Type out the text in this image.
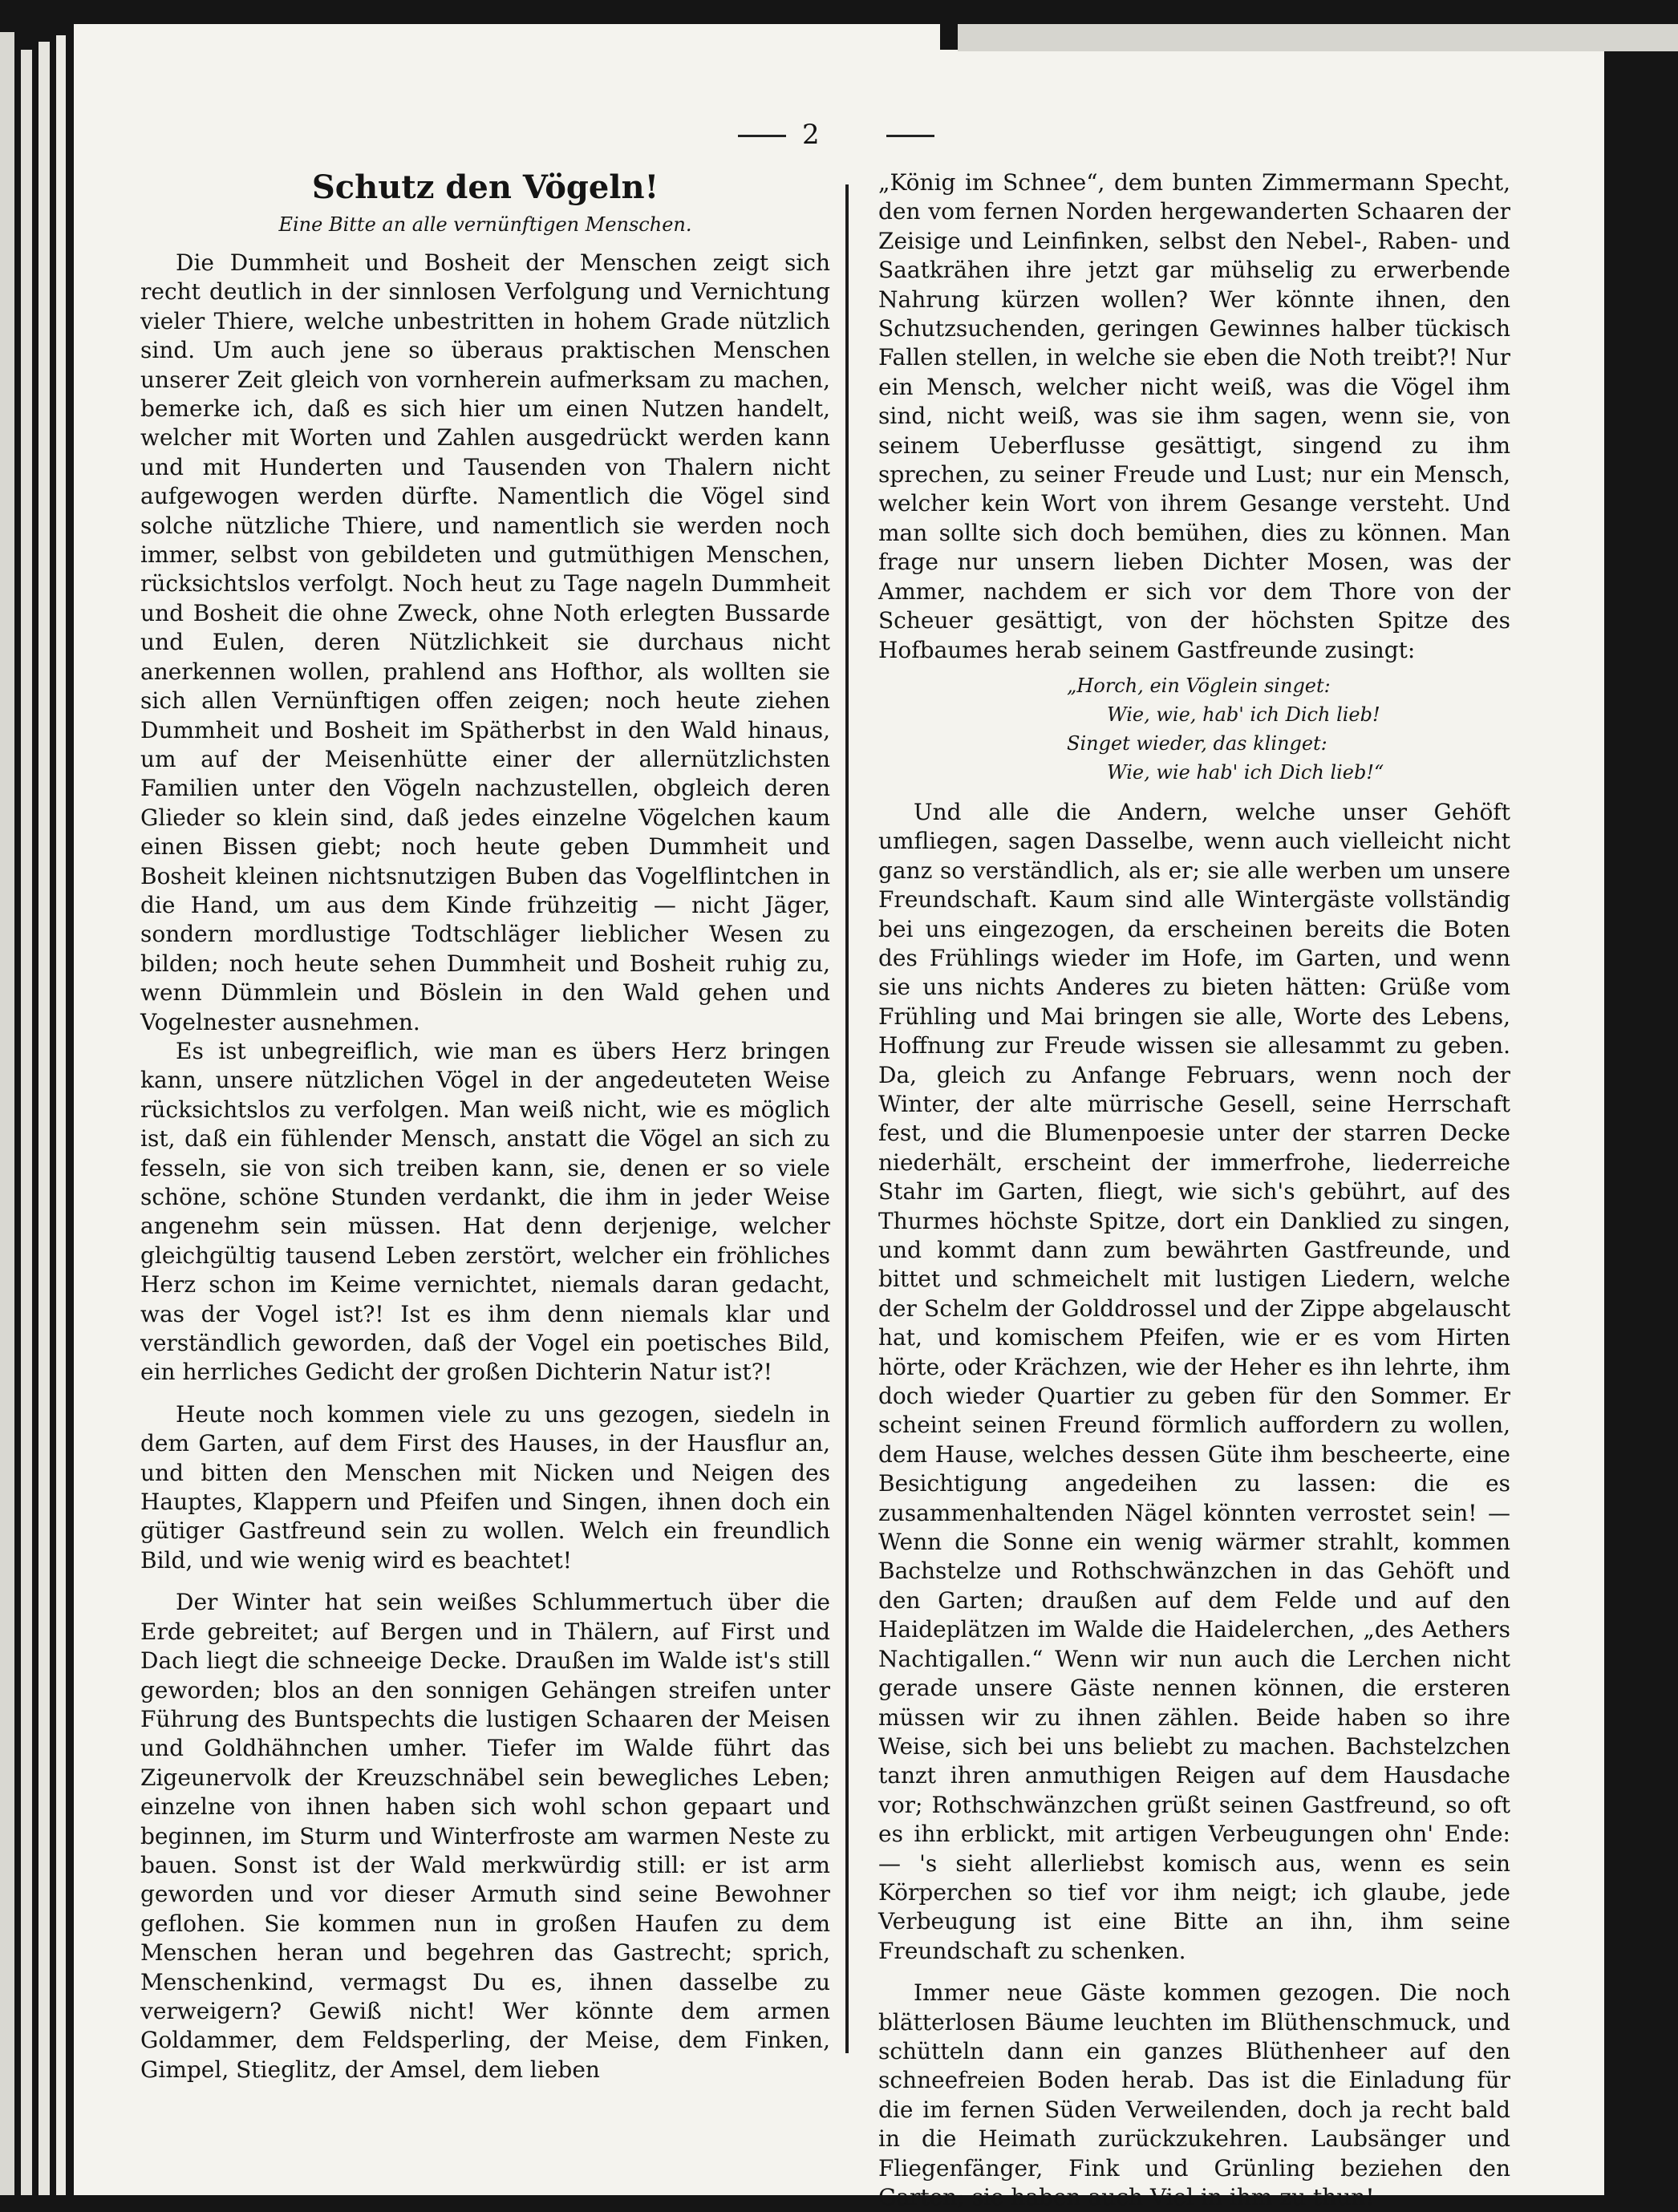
2
Schutz den Vögeln!
Eine Bitte an alle vernünftigen Menschen.

Die Dummheit und Bosheit der Menschen zeigt sich recht deutlich in der sinnlosen Verfolgung und Vernichtung vieler Thiere, welche unbestritten in hohem Grade nützlich sind. Um auch jene so überaus praktischen Menschen unserer Zeit gleich von vornherein aufmerksam zu machen, bemerke ich, daß es sich hier um einen Nutzen handelt, welcher mit Worten und Zahlen ausgedrückt werden kann und mit Hunderten und Tausenden von Thalern nicht aufgewogen werden dürfte. Namentlich die Vögel sind solche nützliche Thiere, und namentlich sie werden noch immer, selbst von gebildeten und gutmüthigen Menschen, rücksichtslos verfolgt. Noch heut zu Tage nageln Dummheit und Bosheit die ohne Zweck, ohne Noth erlegten Bussarde und Eulen, deren Nützlichkeit sie durchaus nicht anerkennen wollen, prahlend ans Hofthor, als wollten sie sich allen Vernünftigen offen zeigen; noch heute ziehen Dummheit und Bosheit im Spätherbst in den Wald hinaus, um auf der Meisenhütte einer der allernützlichsten Familien unter den Vögeln nachzustellen, obgleich deren Glieder so klein sind, daß jedes einzelne Vögelchen kaum einen Bissen giebt; noch heute geben Dummheit und Bosheit kleinen nichtsnutzigen Buben das Vogelflintchen in die Hand, um aus dem Kinde frühzeitig — nicht Jäger, sondern mordlustige Todtschläger lieblicher Wesen zu bilden; noch heute sehen Dummheit und Bosheit ruhig zu, wenn Dümmlein und Böslein in den Wald gehen und Vogelnester ausnehmen.

Es ist unbegreiflich, wie man es übers Herz bringen kann, unsere nützlichen Vögel in der angedeuteten Weise rücksichtslos zu verfolgen. Man weiß nicht, wie es möglich ist, daß ein fühlender Mensch, anstatt die Vögel an sich zu fesseln, sie von sich treiben kann, sie, denen er so viele schöne, schöne Stunden verdankt, die ihm in jeder Weise angenehm sein müssen. Hat denn derjenige, welcher gleichgültig tausend Leben zerstört, welcher ein fröhliches Herz schon im Keime vernichtet, niemals daran gedacht, was der Vogel ist?! Ist es ihm denn niemals klar und verständlich geworden, daß der Vogel ein poetisches Bild, ein herrliches Gedicht der großen Dichterin Natur ist?!

Heute noch kommen viele zu uns gezogen, siedeln in dem Garten, auf dem First des Hauses, in der Hausflur an, und bitten den Menschen mit Nicken und Neigen des Hauptes, Klappern und Pfeifen und Singen, ihnen doch ein gütiger Gastfreund sein zu wollen. Welch ein freundlich Bild, und wie wenig wird es beachtet!

Der Winter hat sein weißes Schlummertuch über die Erde gebreitet; auf Bergen und in Thälern, auf First und Dach liegt die schneeige Decke. Draußen im Walde ist's still geworden; blos an den sonnigen Gehängen streifen unter Führung des Buntspechts die lustigen Schaaren der Meisen und Goldhähnchen umher. Tiefer im Walde führt das Zigeunervolk der Kreuzschnäbel sein bewegliches Leben; einzelne von ihnen haben sich wohl schon gepaart und beginnen, im Sturm und Winterfroste am warmen Neste zu bauen. Sonst ist der Wald merkwürdig still: er ist arm geworden und vor dieser Armuth sind seine Bewohner geflohen. Sie kommen nun in großen Haufen zu dem Menschen heran und begehren das Gastrecht; sprich, Menschenkind, vermagst Du es, ihnen dasselbe zu verweigern? Gewiß nicht! Wer könnte dem armen Goldammer, dem Feldsperling, der Meise, dem Finken, Gimpel, Stieglitz, der Amsel, dem lieben

„König im Schnee“, dem bunten Zimmermann Specht, den vom fernen Norden hergewanderten Schaaren der Zeisige und Leinfinken, selbst den Nebel-, Raben- und Saatkrähen ihre jetzt gar mühselig zu erwerbende Nahrung kürzen wollen? Wer könnte ihnen, den Schutzsuchenden, geringen Gewinnes halber tückisch Fallen stellen, in welche sie eben die Noth treibt?! Nur ein Mensch, welcher nicht weiß, was die Vögel ihm sind, nicht weiß, was sie ihm sagen, wenn sie, von seinem Ueberflusse gesättigt, singend zu ihm sprechen, zu seiner Freude und Lust; nur ein Mensch, welcher kein Wort von ihrem Gesange versteht. Und man sollte sich doch bemühen, dies zu können. Man frage nur unsern lieben Dichter Mosen, was der Ammer, nachdem er sich vor dem Thore von der Scheuer gesättigt, von der höchsten Spitze des Hofbaumes herab seinem Gastfreunde zusingt:

„Horch, ein Vöglein singet:
Wie, wie, hab' ich Dich lieb!
Singet wieder, das klinget:
Wie, wie hab' ich Dich lieb!“

Und alle die Andern, welche unser Gehöft umfliegen, sagen Dasselbe, wenn auch vielleicht nicht ganz so verständlich, als er; sie alle werben um unsere Freundschaft. Kaum sind alle Wintergäste vollständig bei uns eingezogen, da erscheinen bereits die Boten des Frühlings wieder im Hofe, im Garten, und wenn sie uns nichts Anderes zu bieten hätten: Grüße vom Frühling und Mai bringen sie alle, Worte des Lebens, Hoffnung zur Freude wissen sie allesammt zu geben. Da, gleich zu Anfange Februars, wenn noch der Winter, der alte mürrische Gesell, seine Herrschaft fest, und die Blumenpoesie unter der starren Decke niederhält, erscheint der immerfrohe, liederreiche Stahr im Garten, fliegt, wie sich's gebührt, auf des Thurmes höchste Spitze, dort ein Danklied zu singen, und kommt dann zum bewährten Gastfreunde, und bittet und schmeichelt mit lustigen Liedern, welche der Schelm der Golddrossel und der Zippe abgelauscht hat, und komischem Pfeifen, wie er es vom Hirten hörte, oder Krächzen, wie der Heher es ihn lehrte, ihm doch wieder Quartier zu geben für den Sommer. Er scheint seinen Freund förmlich auffordern zu wollen, dem Hause, welches dessen Güte ihm bescheerte, eine Besichtigung angedeihen zu lassen: die es zusammenhaltenden Nägel könnten verrostet sein! — Wenn die Sonne ein wenig wärmer strahlt, kommen Bachstelze und Rothschwänzchen in das Gehöft und den Garten; draußen auf dem Felde und auf den Haideplätzen im Walde die Haidelerchen, „des Aethers Nachtigallen.“ Wenn wir nun auch die Lerchen nicht gerade unsere Gäste nennen können, die ersteren müssen wir zu ihnen zählen. Beide haben so ihre Weise, sich bei uns beliebt zu machen. Bachstelzchen tanzt ihren anmuthigen Reigen auf dem Hausdache vor; Rothschwänzchen grüßt seinen Gastfreund, so oft es ihn erblickt, mit artigen Verbeugungen ohn' Ende: — 's sieht allerliebst komisch aus, wenn es sein Körperchen so tief vor ihm neigt; ich glaube, jede Verbeugung ist eine Bitte an ihn, ihm seine Freundschaft zu schenken.

Immer neue Gäste kommen gezogen. Die noch blätterlosen Bäume leuchten im Blüthenschmuck, und schütteln dann ein ganzes Blüthenheer auf den schneefreien Boden herab. Das ist die Einladung für die im fernen Süden Verweilenden, doch ja recht bald in die Heimath zurückzukehren. Laubsänger und Fliegenfänger, Fink und Grünling beziehen den Garten; sie haben auch Viel in ihm zu thun!
